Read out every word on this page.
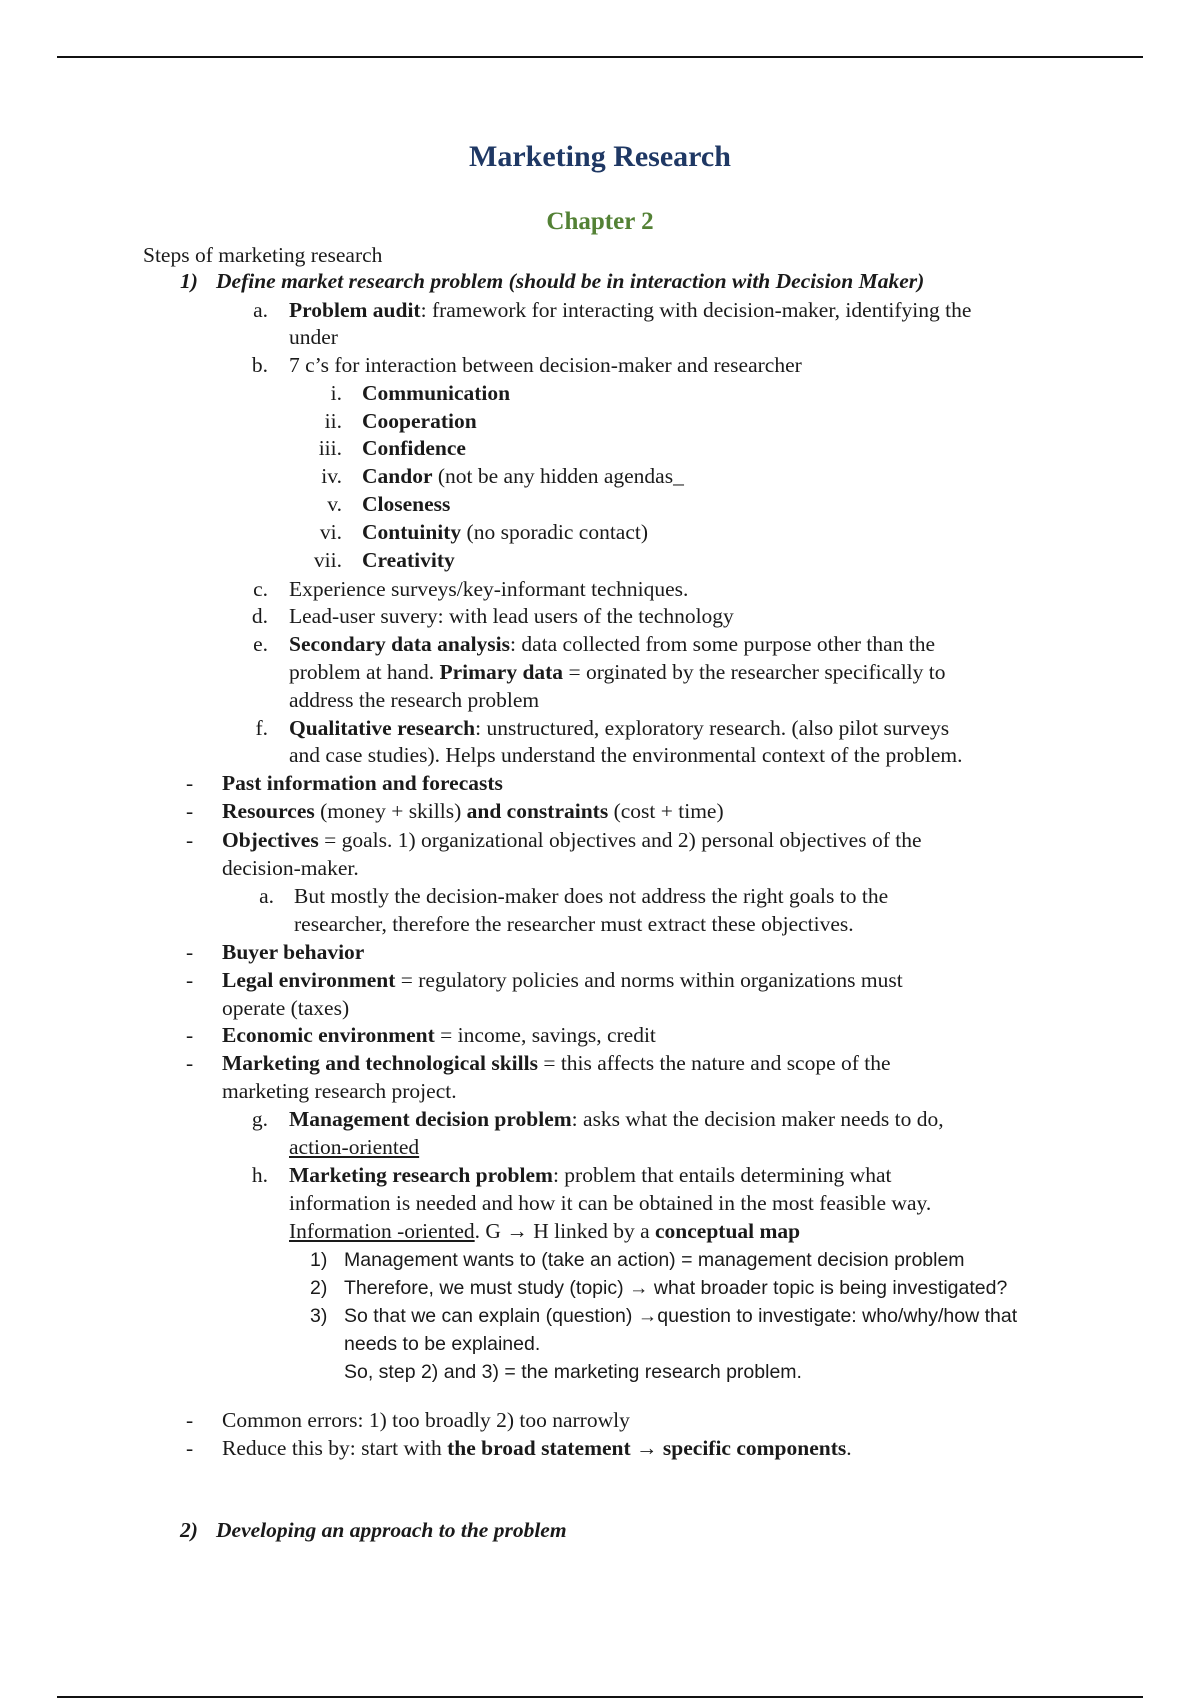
Marketing Research
Chapter 2
Steps of marketing research
1) Define market research problem (should be in interaction with Decision Maker)
a. Problem audit: framework for interacting with decision-maker, identifying the
under
b. 7 c’s for interaction between decision-maker and researcher
i. Communication
ii. Cooperation
iii. Confidence
iv. Candor (not be any hidden agendas_
v. Closeness
vi. Contuinity (no sporadic contact)
vii. Creativity
c. Experience surveys/key-informant techniques.
d. Lead-user suvery: with lead users of the technology
e. Secondary data analysis: data collected from some purpose other than the
problem at hand. Primary data = orginated by the researcher specifically to
address the research problem
f. Qualitative research: unstructured, exploratory research. (also pilot surveys
and case studies). Helps understand the environmental context of the problem.
- Past information and forecasts
- Resources (money + skills) and constraints (cost + time)
- Objectives = goals. 1) organizational objectives and 2) personal objectives of the
decision-maker.
a. But mostly the decision-maker does not address the right goals to the
researcher, therefore the researcher must extract these objectives.
- Buyer behavior
- Legal environment = regulatory policies and norms within organizations must
operate (taxes)
- Economic environment = income, savings, credit
- Marketing and technological skills = this affects the nature and scope of the
marketing research project.
g. Management decision problem: asks what the decision maker needs to do,
action-oriented
h. Marketing research problem: problem that entails determining what
information is needed and how it can be obtained in the most feasible way.
Information -oriented. G → H linked by a conceptual map
1) Management wants to (take an action) = management decision problem
2) Therefore, we must study (topic) → what broader topic is being investigated?
3) So that we can explain (question) →question to investigate: who/why/how that
needs to be explained.
So, step 2) and 3) = the marketing research problem.
- Common errors: 1) too broadly 2) too narrowly
- Reduce this by: start with the broad statement → specific components.
2) Developing an approach to the problem
